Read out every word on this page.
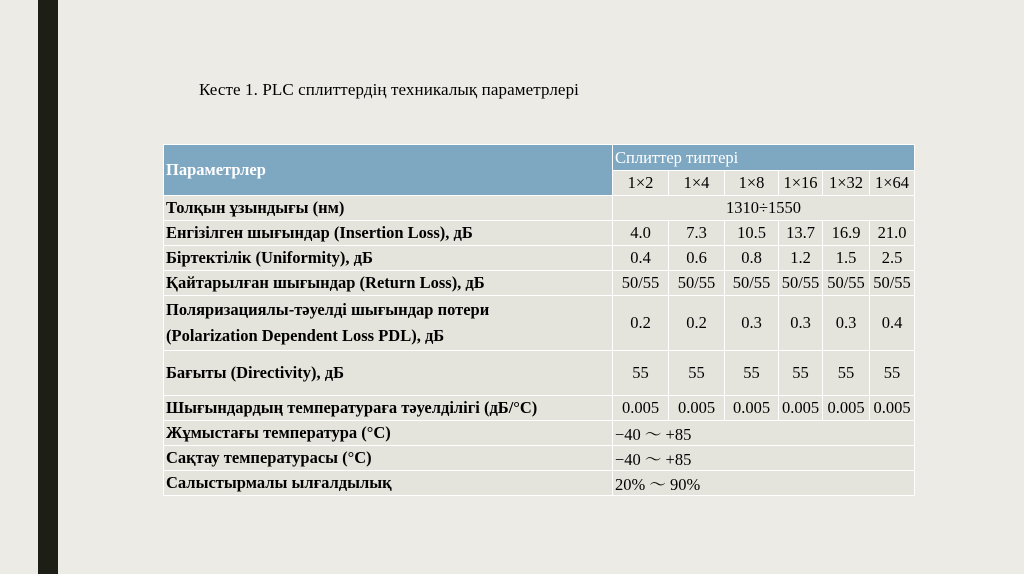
Кесте 1. PLC сплиттердің техникалық параметрлері
Параметрлер	Сплиттер типтері					
	1×2	1×4	1×8	1×16	1×32	1×64
Толқын ұзындығы (нм)	1310÷1550					
Енгізілген шығындар (Insertion Loss), дБ	4.0	7.3	10.5	13.7	16.9	21.0
Біртектілік (Uniformity), дБ	0.4	0.6	0.8	1.2	1.5	2.5
Қайтарылған шығындар (Return Loss), дБ	50/55	50/55	50/55	50/55	50/55	50/55

Поляризациялы-тәуелді шығындар потери
(Polarization Dependent Loss PDL), дБ	0.2	0.2	0.3	0.3	0.3	0.4
Бағыты (Directivity), дБ	55	55	55	55	55	55
Шығындардың температураға тәуелділігі (дБ/°C)	0.005	0.005	0.005	0.005	0.005	0.005
Жұмыстағы температура (°C)	−40 〜 +85					
Сақтау температурасы (°C)	−40 〜 +85					
Салыстырмалы ылғалдылық	20% 〜 90%					
